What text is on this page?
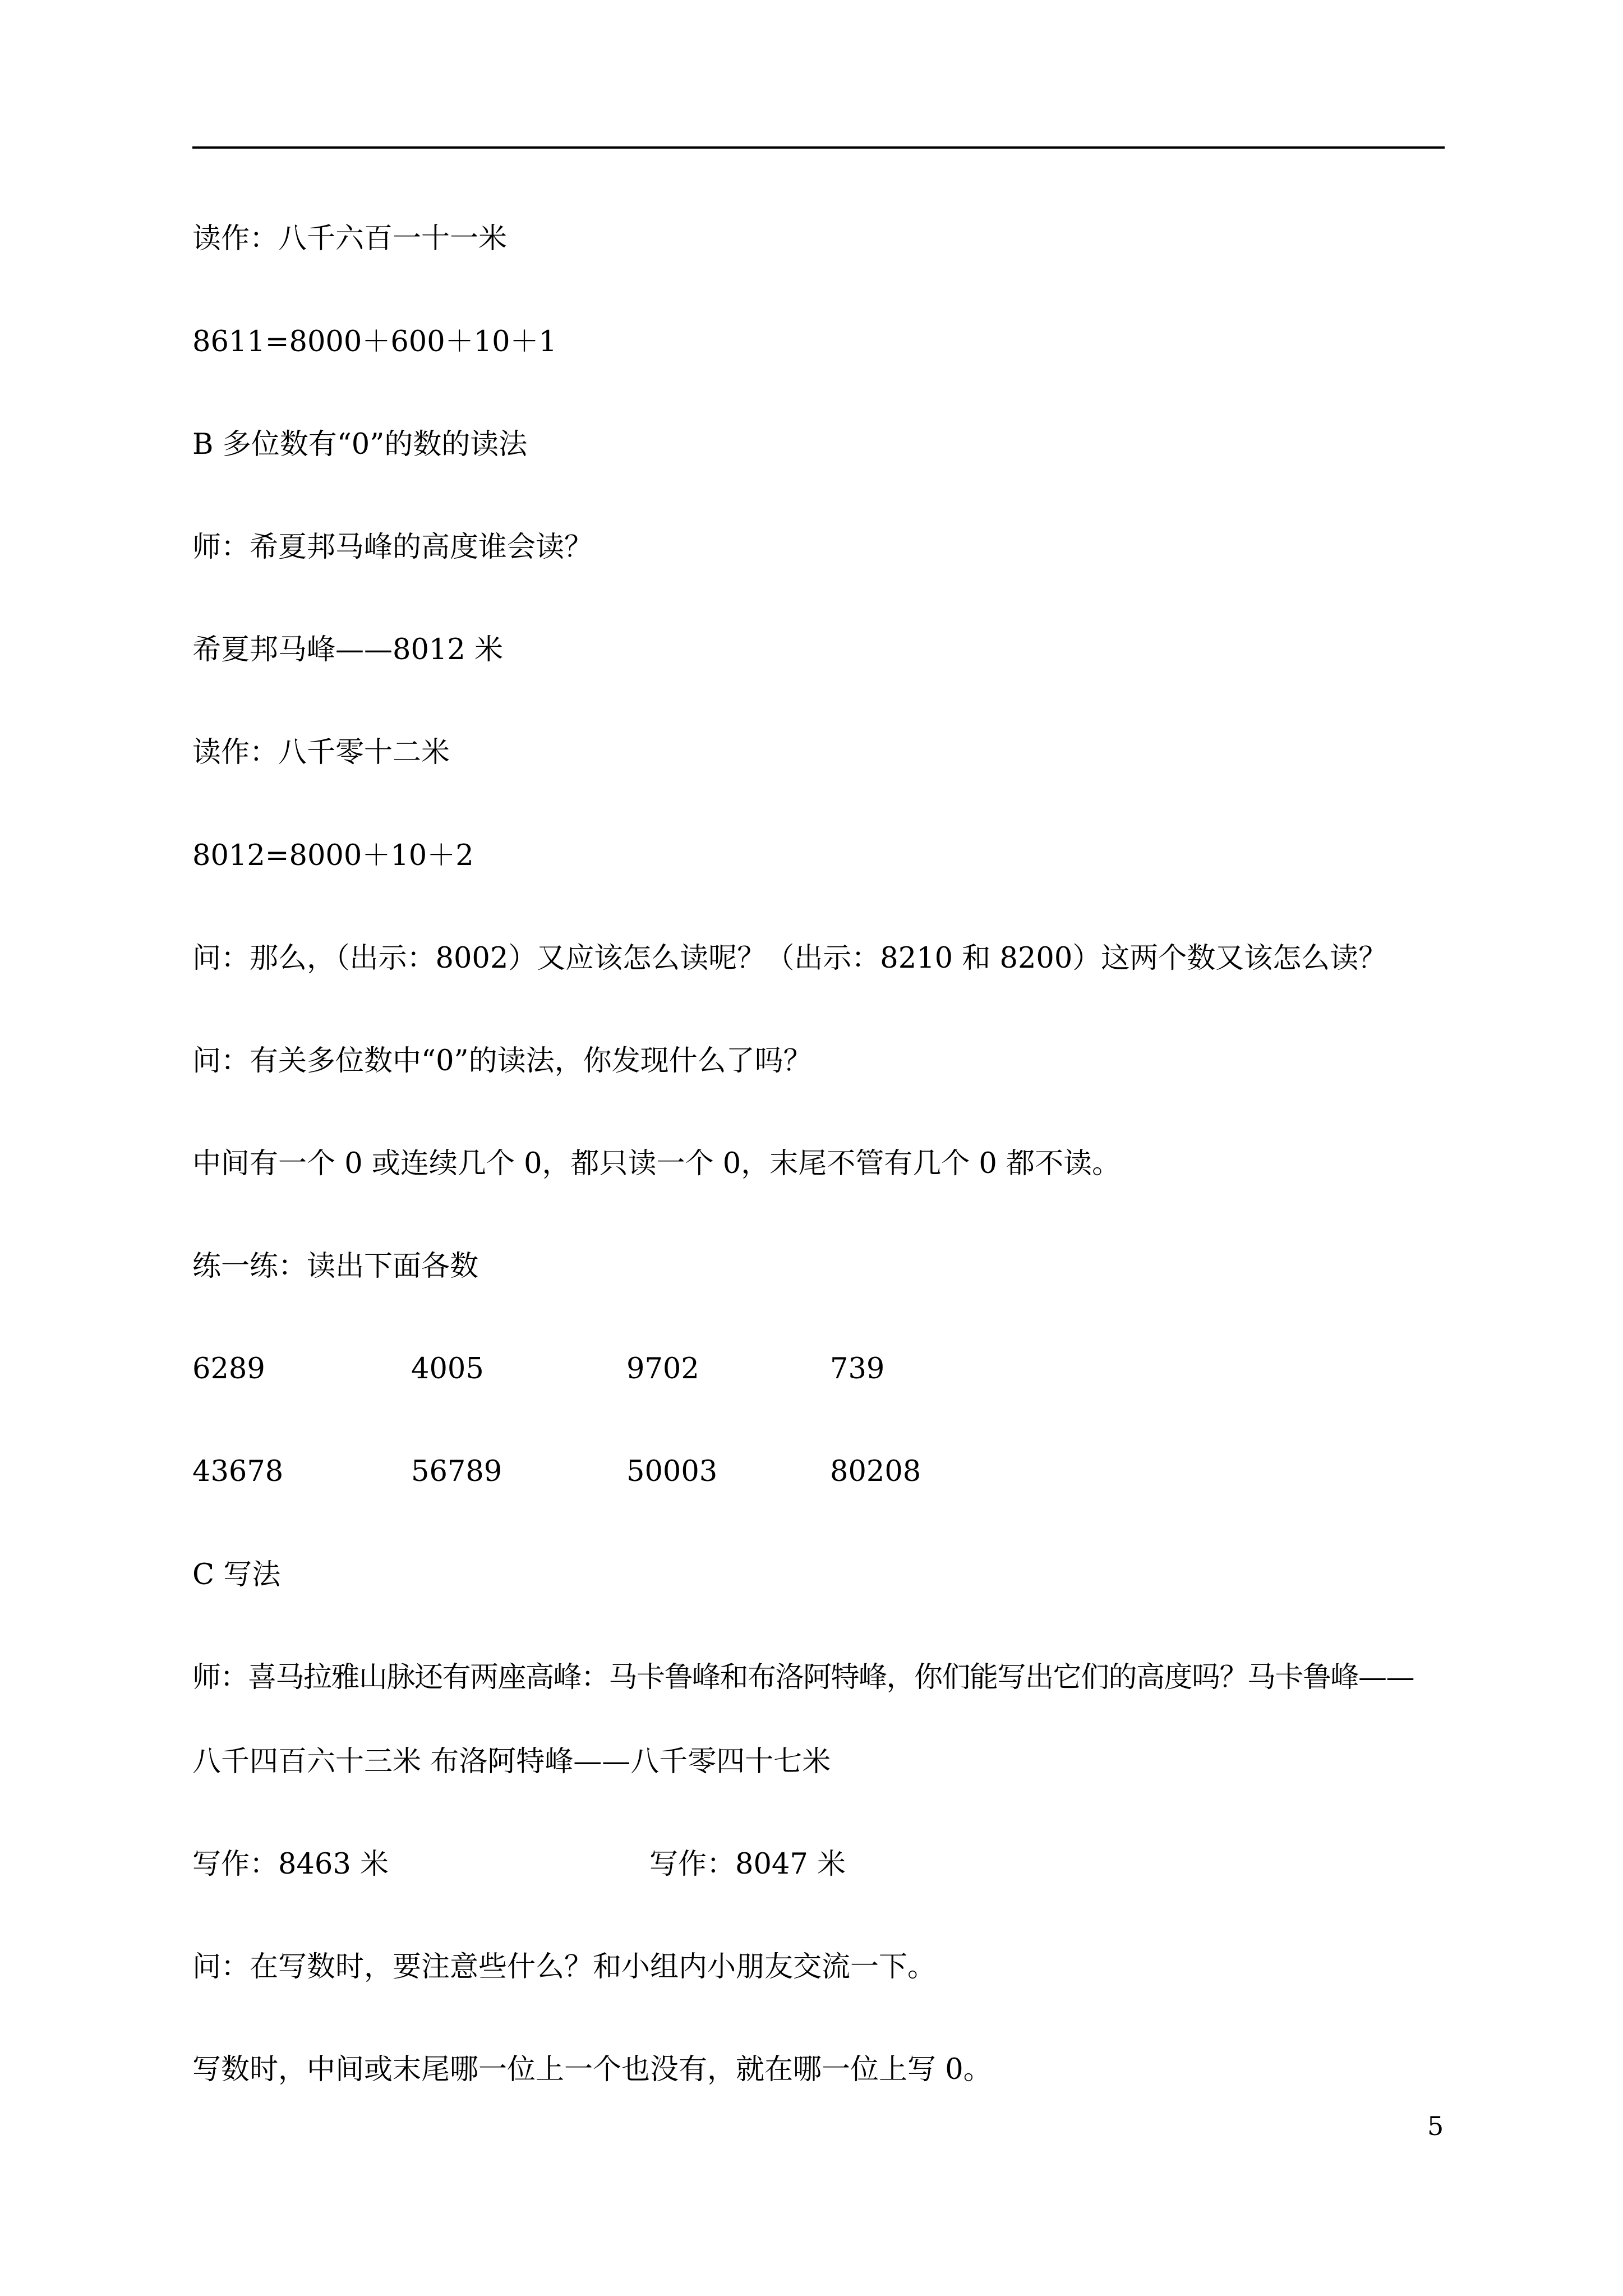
读作：八千六百一十一米

8611=8000＋600＋10＋1

B 多位数有“0”的数的读法

师：希夏邦马峰的高度谁会读？

希夏邦马峰——8012 米

读作：八千零十二米

8012=8000＋10＋2

问：那么，（出示：8002）又应该怎么读呢？（出示：8210 和 8200）这两个数又该怎么读？

问：有关多位数中“0”的读法，你发现什么了吗？

中间有一个 0 或连续几个 0，都只读一个 0，末尾不管有几个 0 都不读。

练一练：读出下面各数

6289	4005	9702	739
43678	56789	50003	80208

C 写法

师：喜马拉雅山脉还有两座高峰：马卡鲁峰和布洛阿特峰，你们能写出它们的高度吗？马卡鲁峰——

八千四百六十三米 布洛阿特峰——八千零四十七米

写作：8463 米	写作：8047 米

问：在写数时，要注意些什么？和小组内小朋友交流一下。

写数时，中间或末尾哪一位上一个也没有，就在哪一位上写 0。

5
